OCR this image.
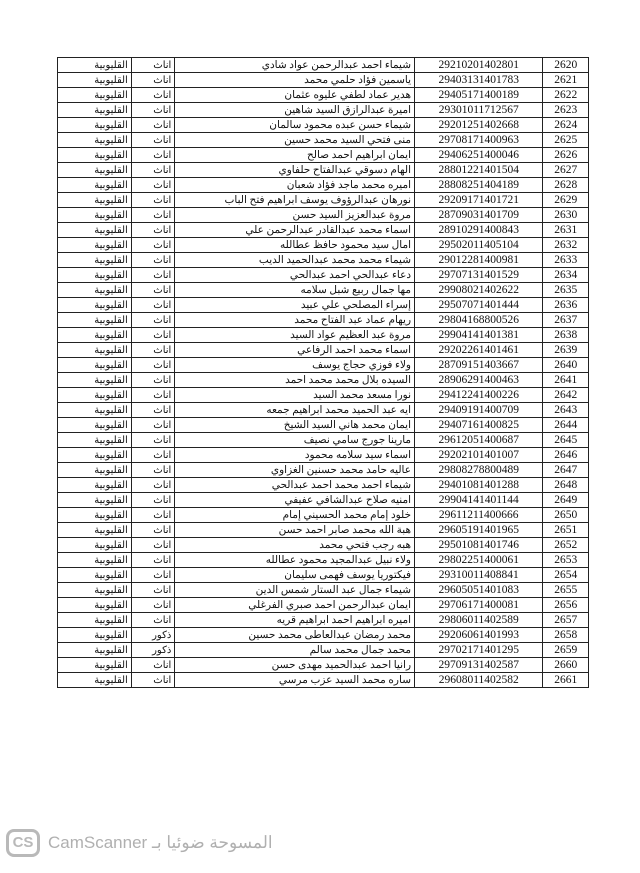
القليوبية	اناث	شيماء احمد عبدالرحمن عواد شادي	29210201402801	2620
القليوبية	اناث	ياسمين فؤاد حلمي محمد	29403131401783	2621
القليوبية	اناث	هدير عماد لطفي عليوه عثمان	29405171400189	2622
القليوبية	اناث	اميرة عبدالرازق السيد شاهين	29301011712567	2623
القليوبية	اناث	شيماء حسن عبده محمود سالمان	29201251402668	2624
القليوبية	اناث	منى فتحي السيد محمد حسين	29708171400963	2625
القليوبية	اناث	ايمان ابراهيم احمد صالح	29406251400046	2626
القليوبية	اناث	الهام دسوقي عبدالفتاح حلفاوي	28801221401504	2627
القليوبية	اناث	اميره محمد ماجد فؤاد شعبان	28808251404189	2628
القليوبية	اناث	نورهان عبدالرؤوف يوسف ابراهيم فتح الباب	29209171401721	2629
القليوبية	اناث	مروة عبدالعزيز السيد حسن	28709031401709	2630
القليوبية	اناث	اسماء محمد عبدالقادر عبدالرحمن علي	28910291400843	2631
القليوبية	اناث	امال سيد محمود حافظ عطالله	29502011405104	2632
القليوبية	اناث	شيماء محمد محمد عبدالحميد الديب	29012281400981	2633
القليوبية	اناث	دعاء عبدالحي احمد عبدالحي	29707131401529	2634
القليوبية	اناث	مها جمال ربيع شبل سلامه	29908021402622	2635
القليوبية	اناث	إسراء المصلحي علي عبيد	29507071401444	2636
القليوبية	اناث	ريهام عماد عبد الفتاح محمد	29804168800526	2637
القليوبية	اناث	مروة عبد العظيم عواد السيد	29904141401381	2638
القليوبية	اناث	اسماء محمد احمد الرفاعي	29202261401461	2639
القليوبية	اناث	ولاء فوزي حجاج يوسف	28709151403667	2640
القليوبية	اناث	السيده بلال محمد محمد احمد	28906291400463	2641
القليوبية	اناث	نورا مسعد محمد السيد	29412241400226	2642
القليوبية	اناث	ايه عبد الحميد محمد ابراهيم جمعه	29409191400709	2643
القليوبية	اناث	ايمان محمد هاني السيد الشيخ	29407161400825	2644
القليوبية	اناث	مارينا جورج سامي نصيف	29612051400687	2645
القليوبية	اناث	اسماء سيد سلامه محمود	29202101401007	2646
القليوبية	اناث	عاليه حامد محمد حسنين الغزاوي	29808278800489	2647
القليوبية	اناث	شيماء احمد محمد احمد عبدالحي	29401081401288	2648
القليوبية	اناث	امنيه صلاح عبدالشافي عفيفي	29904141401144	2649
القليوبية	اناث	خلود إمام محمد الحسيني إمام	29611211400666	2650
القليوبية	اناث	هبة الله محمد صابر احمد حسن	29605191401965	2651
القليوبية	اناث	هبه رجب فتحي محمد	29501081401746	2652
القليوبية	اناث	ولاء نبيل عبدالمجيد محمود عطالله	29802251400061	2653
القليوبية	اناث	فيكتوريا يوسف فهمى سليمان	29310011408841	2654
القليوبية	اناث	شيماء جمال عبد الستار شمس الدين	29605051401083	2655
القليوبية	اناث	ايمان عبدالرحمن احمد صبري الفرغلي	29706171400081	2656
القليوبية	اناث	اميره ابراهيم احمد ابراهيم قريه	29806011402589	2657
القليوبية	ذكور	محمد رمضان عبدالعاطى محمد حسين	29206061401993	2658
القليوبية	ذكور	محمد جمال محمد سالم	29702171401295	2659
القليوبية	اناث	رانيا احمد عبدالحميد مهدى حسن	29709131402587	2660
القليوبية	اناث	ساره محمد السيد عزب مرسي	29608011402582	2661
CS CamScanner المسوحة ضوئيا بـ
